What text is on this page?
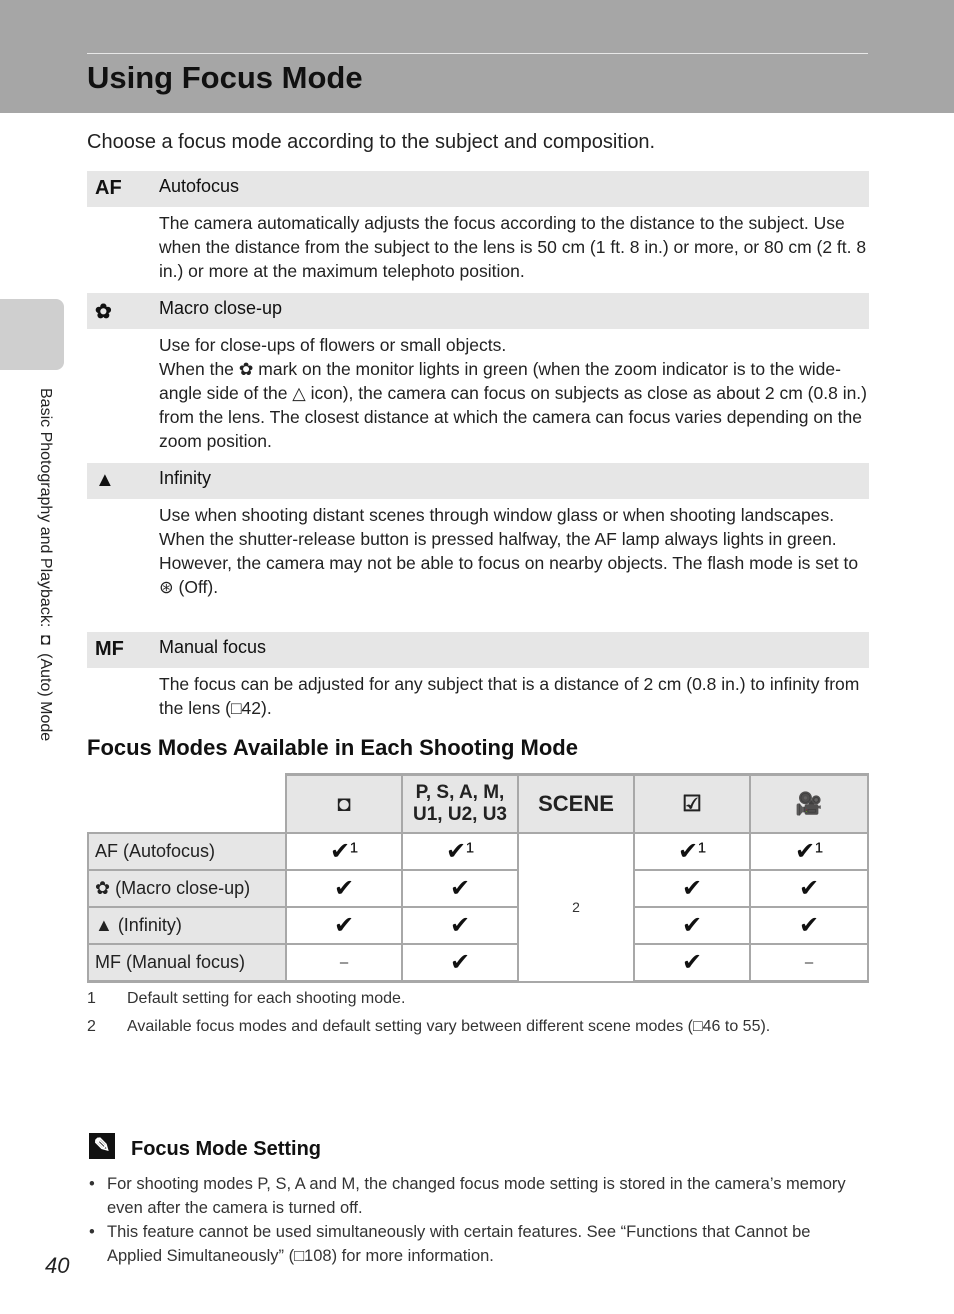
Using Focus Mode
Basic Photography and Playback: ◘ (Auto) Mode
Choose a focus mode according to the subject and composition.
AF Autofocus

The camera automatically adjusts the focus according to the distance to the subject. Use when the distance from the subject to the lens is 50 cm (1 ft. 8 in.) or more, or 80 cm (2 ft. 8 in.) or more at the maximum telephoto position.

✿	Macro close-up

Use for close-ups of flowers or small objects.

When the ✿ mark on the monitor lights in green (when the zoom indicator is to the wide-angle side of the △ icon), the camera can focus on subjects as close as about 2 cm (0.8 in.) from the lens. The closest distance at which the camera can focus varies depending on the zoom position.

▲ Infinity

Use when shooting distant scenes through window glass or when shooting landscapes.

When the shutter-release button is pressed halfway, the AF lamp always lights in green. However, the camera may not be able to focus on nearby objects. The flash mode is set to ⊛ (Off).

MF Manual focus

The focus can be adjusted for any subject that is a distance of 2 cm (0.8 in.) to infinity from the lens (□42).

Focus Modes Available in Each Shooting Mode
	◘	P, S, A, M, U1, U2, U3	SCENE	☑	🎥
AF (Autofocus)	✔¹	✔¹	2	✔¹	✔¹
✿ (Macro close-up)	✔	✔		✔	✔
▲ (Infinity)	✔	✔		✔	✔
MF (Manual focus)	–	✔		✔	–
1 Default setting for each shooting mode.
2 Available focus modes and default setting vary between different scene modes (□46 to 55).
✎ Focus Mode Setting
• For shooting modes P, S, A and M, the changed focus mode setting is stored in the camera’s memory even after the camera is turned off.
• This feature cannot be used simultaneously with certain features. See “Functions that Cannot be Applied Simultaneously” (□108) for more information.
40
